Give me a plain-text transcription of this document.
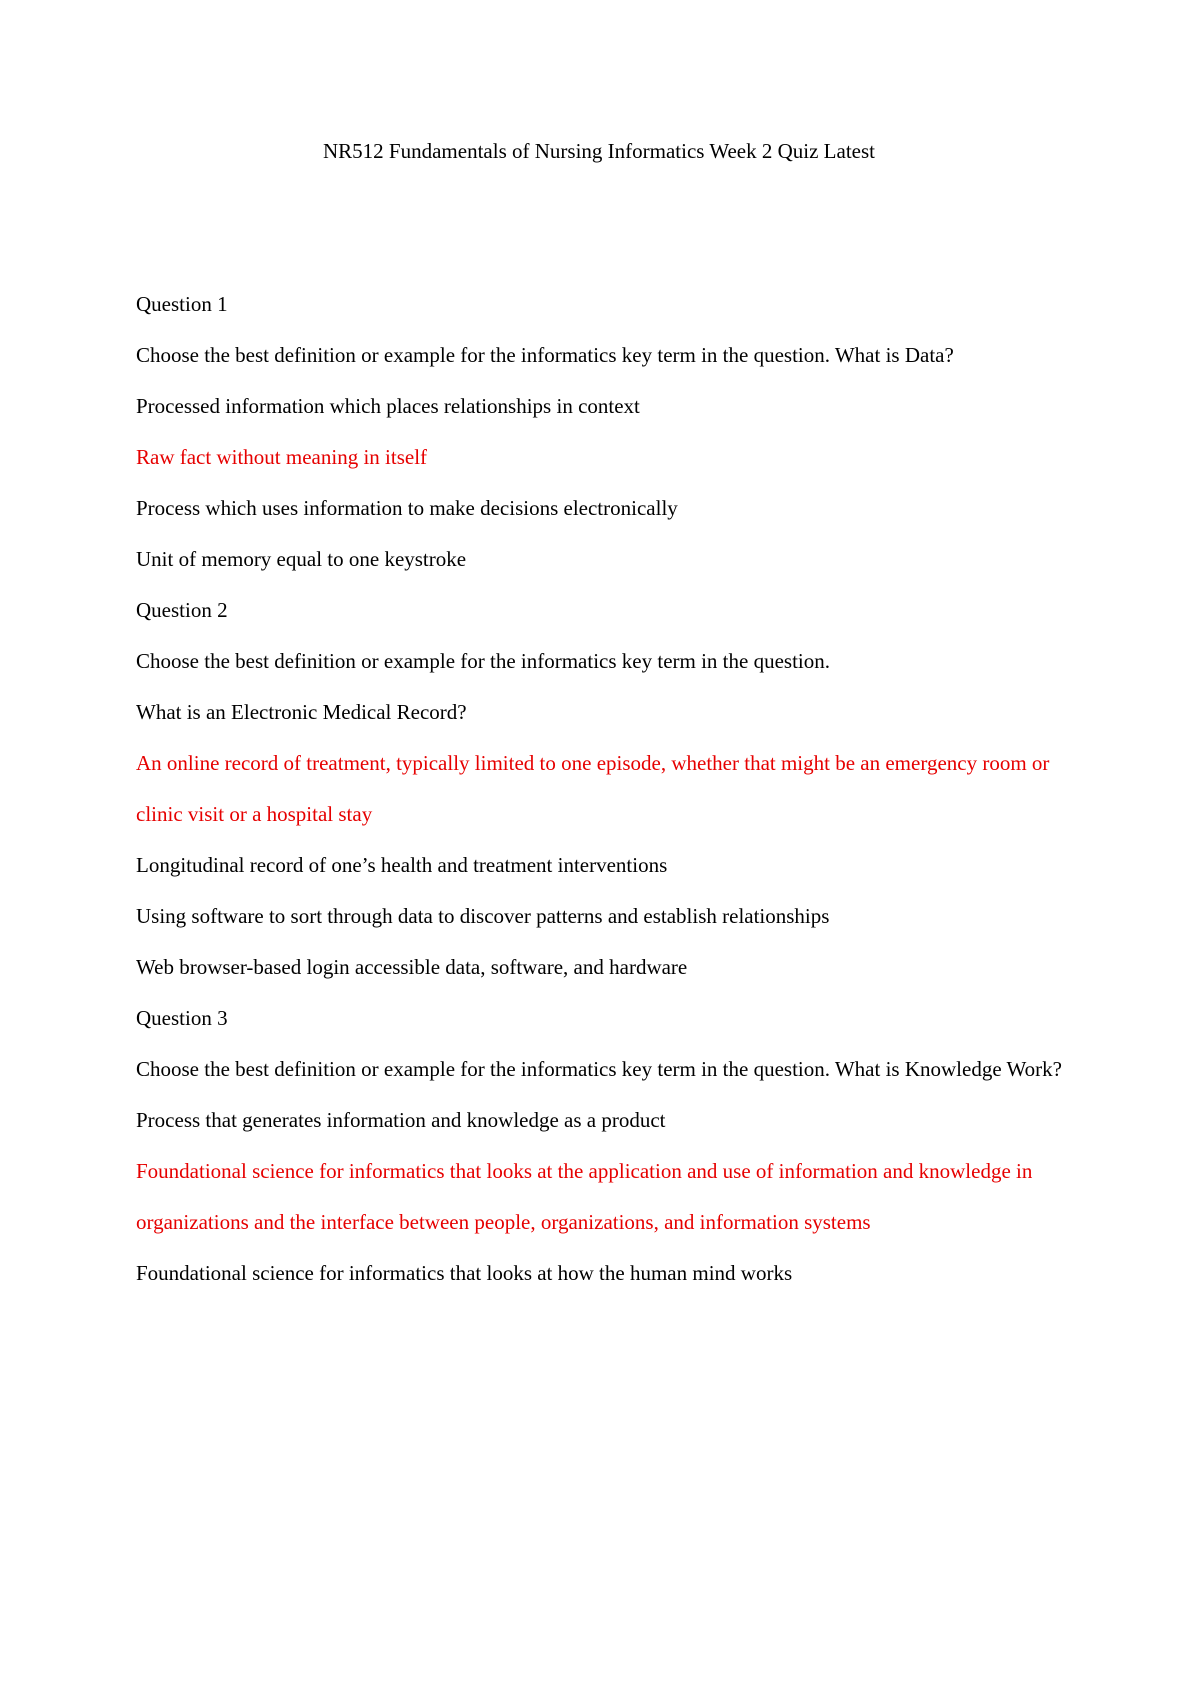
NR512 Fundamentals of Nursing Informatics Week 2 Quiz Latest

Question 1

Choose the best definition or example for the informatics key term in the question. What is Data?

Processed information which places relationships in context

Raw fact without meaning in itself

Process which uses information to make decisions electronically

Unit of memory equal to one keystroke

Question 2

Choose the best definition or example for the informatics key term in the question.

What is an Electronic Medical Record?

An online record of treatment, typically limited to one episode, whether that might be an emergency room or clinic visit or a hospital stay

Longitudinal record of one’s health and treatment interventions

Using software to sort through data to discover patterns and establish relationships

Web browser-based login accessible data, software, and hardware

Question 3

Choose the best definition or example for the informatics key term in the question. What is Knowledge Work?

Process that generates information and knowledge as a product

Foundational science for informatics that looks at the application and use of information and knowledge in organizations and the interface between people, organizations, and information systems

Foundational science for informatics that looks at how the human mind works
